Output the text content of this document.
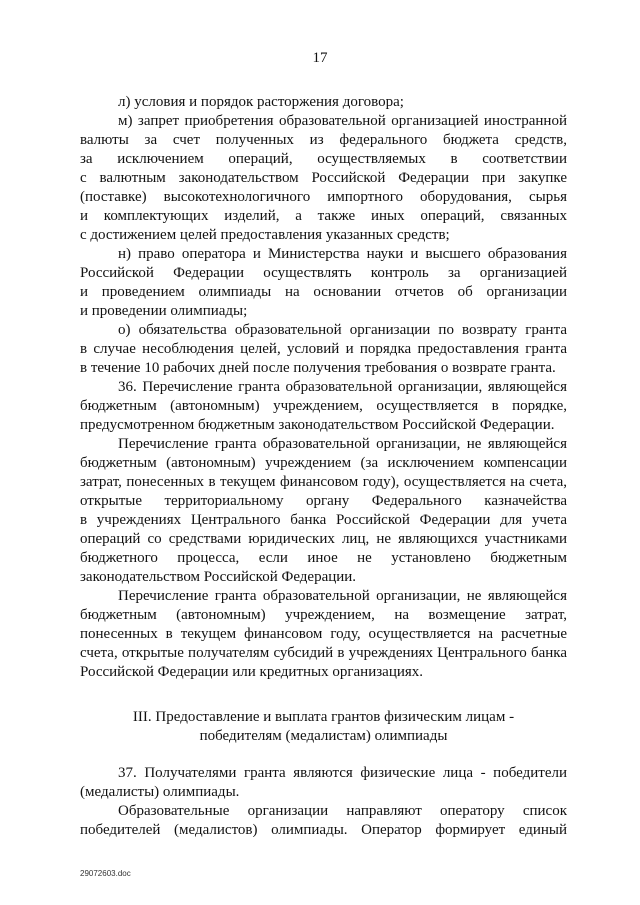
17
л) условия и порядок расторжения договора;
м) запрет приобретения образовательной организацией иностранной
валюты за счет полученных из федерального бюджета средств,
за исключением операций, осуществляемых в соответствии
с валютным законодательством Российской Федерации при закупке
(поставке) высокотехнологичного импортного оборудования, сырья
и комплектующих изделий, а также иных операций, связанных
с достижением целей предоставления указанных средств;
н) право оператора и Министерства науки и высшего образования
Российской Федерации осуществлять контроль за организацией
и проведением олимпиады на основании отчетов об организации
и проведении олимпиады;
о) обязательства образовательной организации по возврату гранта
в случае несоблюдения целей, условий и порядка предоставления гранта
в течение 10 рабочих дней после получения требования о возврате гранта.
36. Перечисление гранта образовательной организации, являющейся
бюджетным (автономным) учреждением, осуществляется в порядке,
предусмотренном бюджетным законодательством Российской Федерации.
Перечисление гранта образовательной организации, не являющейся
бюджетным (автономным) учреждением (за исключением компенсации
затрат, понесенных в текущем финансовом году), осуществляется на счета,
открытые территориальному органу Федерального казначейства
в учреждениях Центрального банка Российской Федерации для учета
операций со средствами юридических лиц, не являющихся участниками
бюджетного процесса, если иное не установлено бюджетным
законодательством Российской Федерации.
Перечисление гранта образовательной организации, не являющейся
бюджетным (автономным) учреждением, на возмещение затрат,
понесенных в текущем финансовом году, осуществляется на расчетные
счета, открытые получателям субсидий в учреждениях Центрального банка
Российской Федерации или кредитных организациях.
III. Предоставление и выплата грантов физическим лицам -
победителям (медалистам) олимпиады
37. Получателями гранта являются физические лица - победители
(медалисты) олимпиады.
Образовательные организации направляют оператору список
победителей (медалистов) олимпиады. Оператор формирует единый
29072603.doc
